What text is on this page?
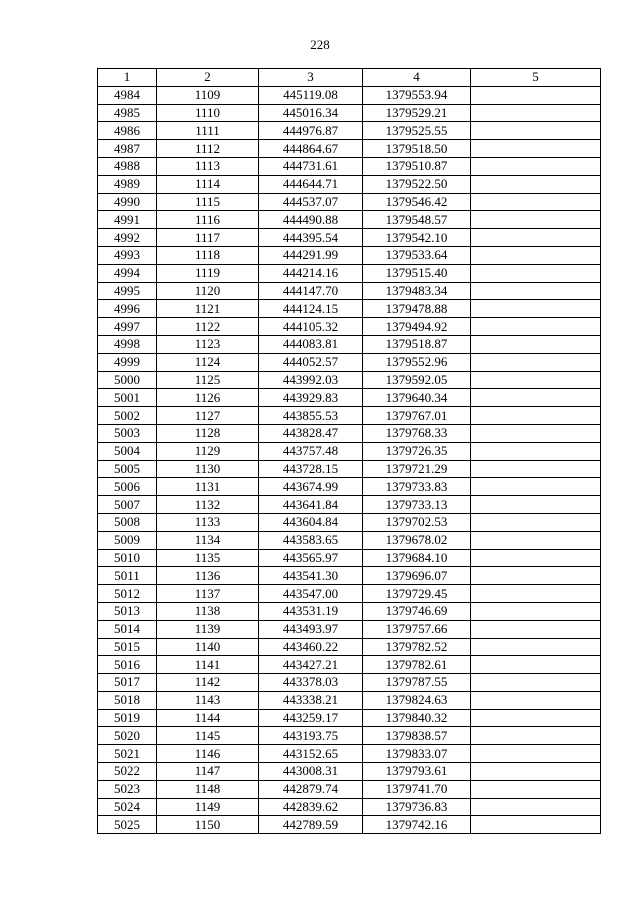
228
1	2	3	4	5
4984	1109	445119.08	1379553.94	
4985	1110	445016.34	1379529.21	
4986	1111	444976.87	1379525.55	
4987	1112	444864.67	1379518.50	
4988	1113	444731.61	1379510.87	
4989	1114	444644.71	1379522.50	
4990	1115	444537.07	1379546.42	
4991	1116	444490.88	1379548.57	
4992	1117	444395.54	1379542.10	
4993	1118	444291.99	1379533.64	
4994	1119	444214.16	1379515.40	
4995	1120	444147.70	1379483.34	
4996	1121	444124.15	1379478.88	
4997	1122	444105.32	1379494.92	
4998	1123	444083.81	1379518.87	
4999	1124	444052.57	1379552.96	
5000	1125	443992.03	1379592.05	
5001	1126	443929.83	1379640.34	
5002	1127	443855.53	1379767.01	
5003	1128	443828.47	1379768.33	
5004	1129	443757.48	1379726.35	
5005	1130	443728.15	1379721.29	
5006	1131	443674.99	1379733.83	
5007	1132	443641.84	1379733.13	
5008	1133	443604.84	1379702.53	
5009	1134	443583.65	1379678.02	
5010	1135	443565.97	1379684.10	
5011	1136	443541.30	1379696.07	
5012	1137	443547.00	1379729.45	
5013	1138	443531.19	1379746.69	
5014	1139	443493.97	1379757.66	
5015	1140	443460.22	1379782.52	
5016	1141	443427.21	1379782.61	
5017	1142	443378.03	1379787.55	
5018	1143	443338.21	1379824.63	
5019	1144	443259.17	1379840.32	
5020	1145	443193.75	1379838.57	
5021	1146	443152.65	1379833.07	
5022	1147	443008.31	1379793.61	
5023	1148	442879.74	1379741.70	
5024	1149	442839.62	1379736.83	
5025	1150	442789.59	1379742.16	
